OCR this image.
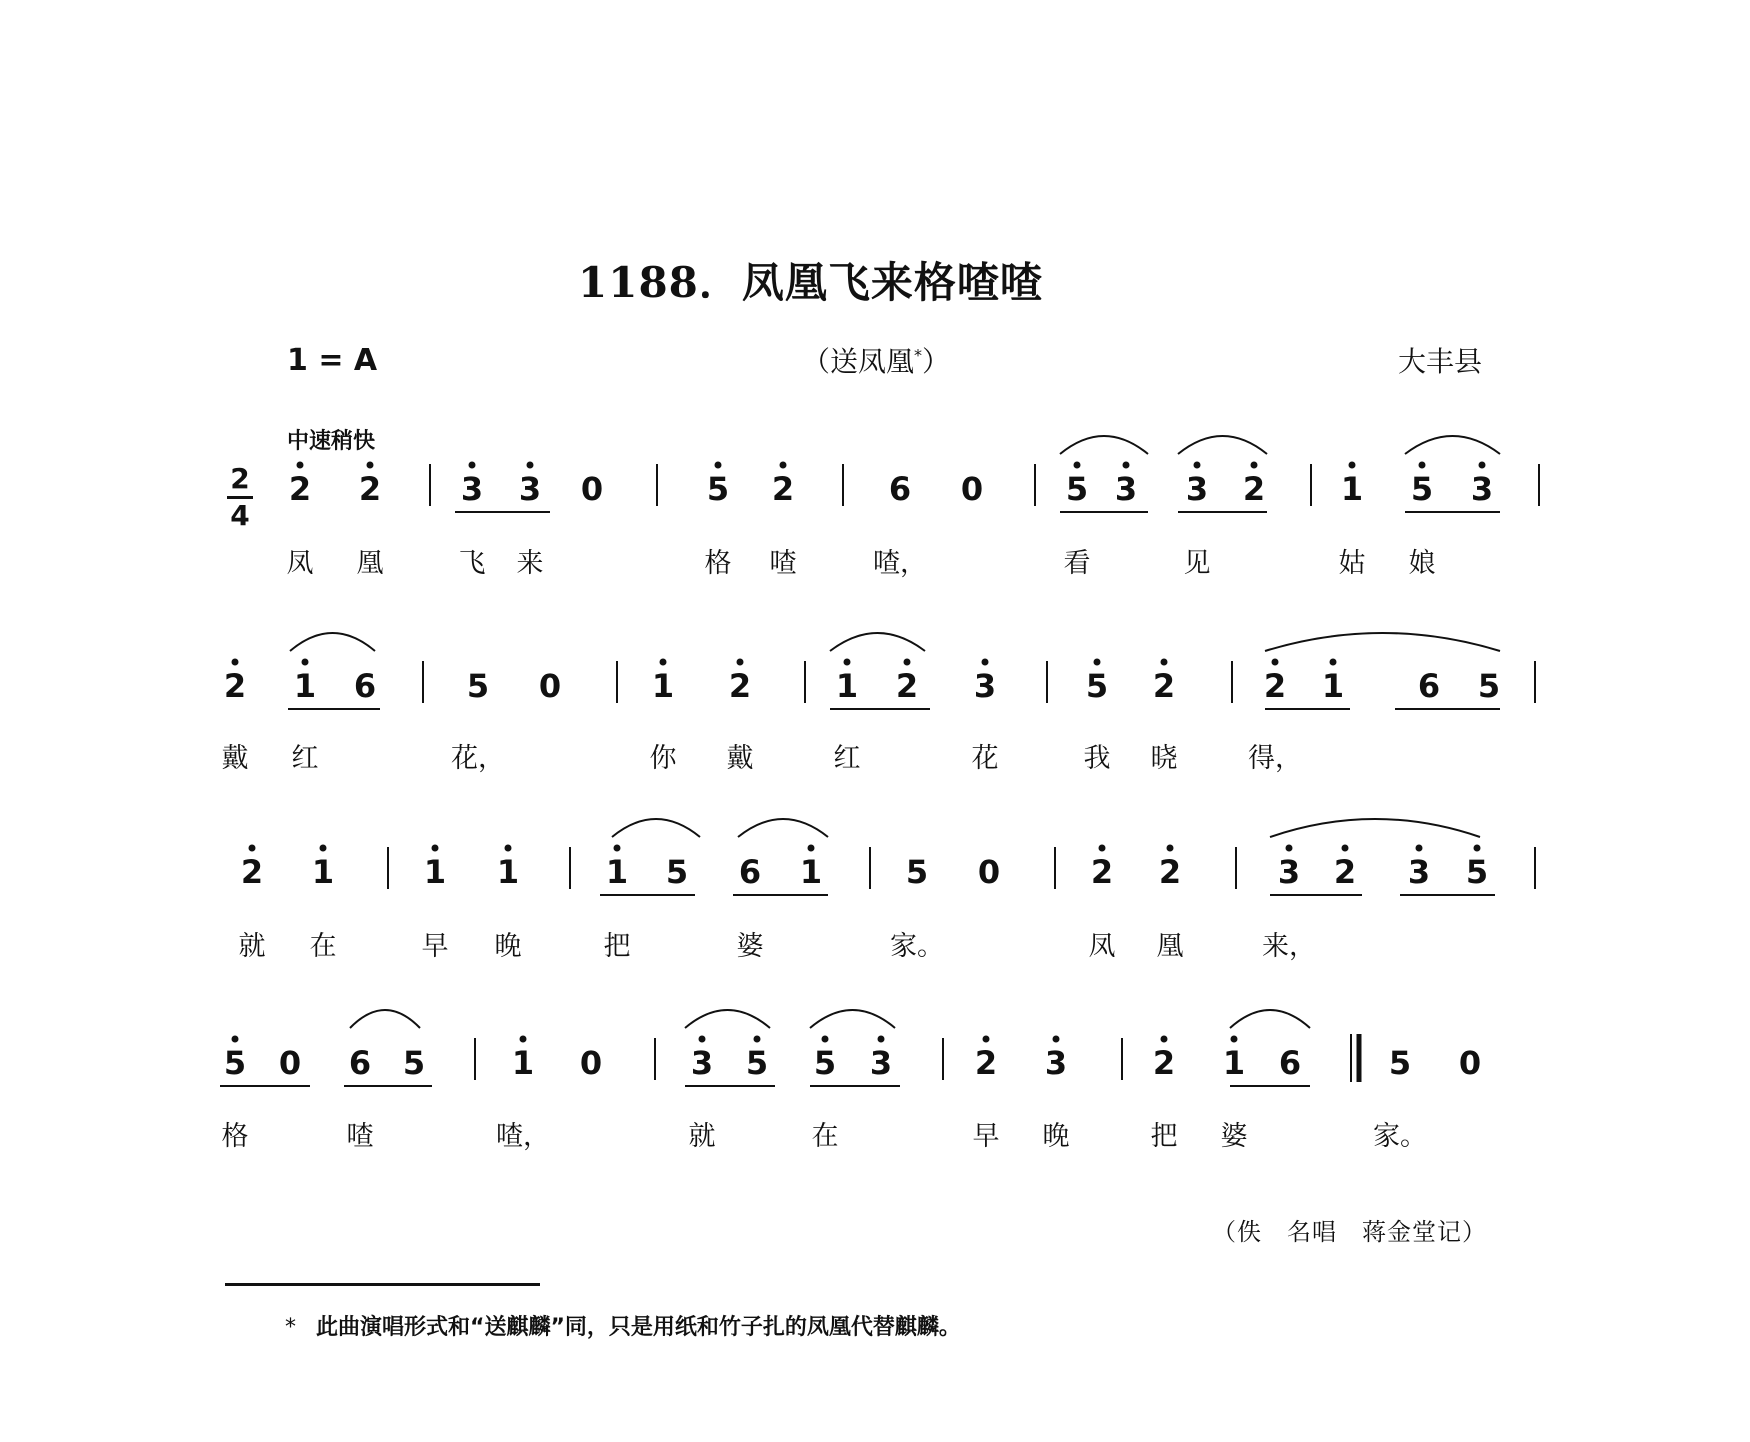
1188．凤凰飞来格喳喳
1 = A	（送凤凰*）	大丰县
中速稍快
2
4
2 2 3 3 0	5 2	6 0	5 3 3 2 1 5 3
凤 凰	飞 来	格 喳	喳，	看	见	姑 娘
2 1 6	5 0	1 2	1 2 3	5 2	2 1 6 5
戴 红	花，	你 戴	红	花	我 晓	得，
2 1	1 1	1 5 6 1	5 0	2 2	3 2 3 5
就 在	早 晚	把	婆	家。	凤 凰	来，
5 0 6 5	1 0	3 5 5 3	2 3	2 1 6	5 0
格	喳	喳，	就	在	早 晚	把 婆	家。
（佚　名唱　蒋金堂记）
* 此曲演唱形式和“送麒麟”同，只是用纸和竹子扎的凤凰代替麒麟。
